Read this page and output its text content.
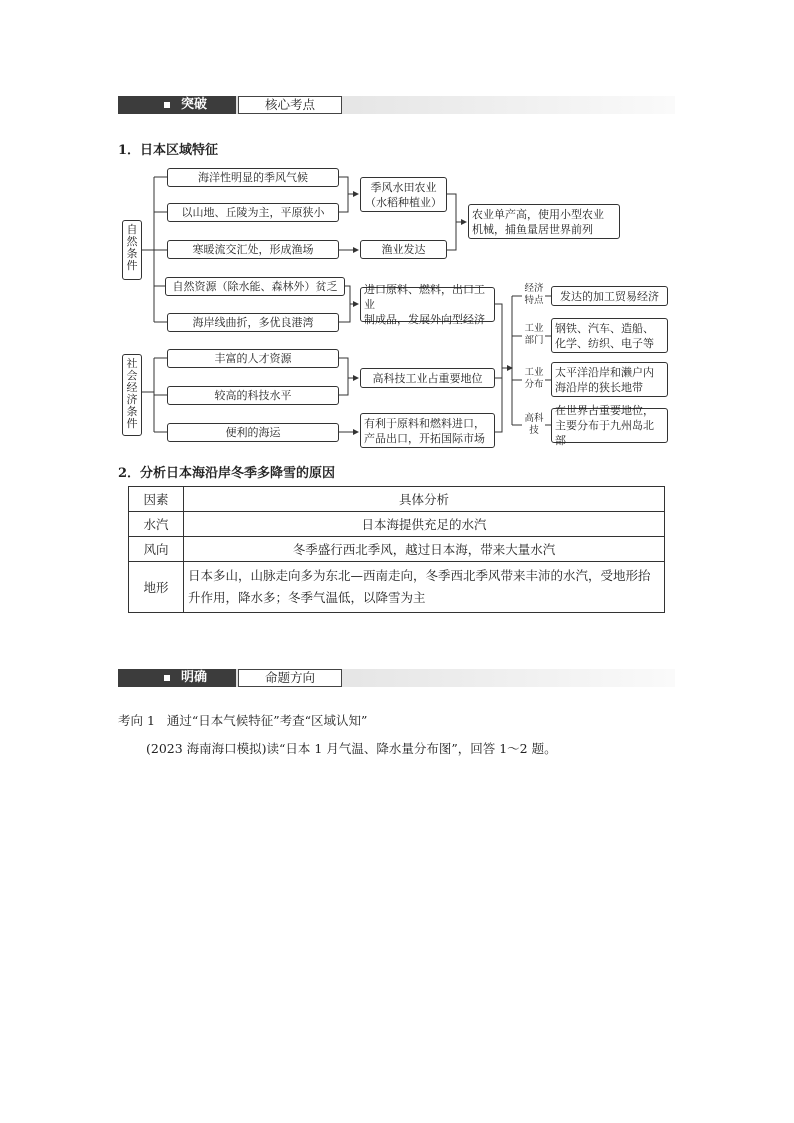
突破	核心考点
1．日本区域特征
自
然
条
件
社
会
经
济
条
件
海洋性明显的季风气候
以山地、丘陵为主，平原狭小
寒暖流交汇处，形成渔场
自然资源（除水能、森林外）贫乏
海岸线曲折，多优良港湾
丰富的人才资源
较高的科技水平
便利的海运
季风水田农业
（水稻种植业）
渔业发达
进口原料、燃料，出口工业
制成品，发展外向型经济
高科技工业占重要地位
有利于原料和燃料进口，
产品出口，开拓国际市场
农业单产高，使用小型农业
机械，捕鱼量居世界前列
经济
特点
工业
部门
工业
分布
高科
技
发达的加工贸易经济
钢铁、汽车、造船、化学、纺织、电子等
太平洋沿岸和濑户内海沿岸的狭长地带
在世界占重要地位，主要分布于九州岛北部
2．分析日本海沿岸冬季多降雪的原因
因素	具体分析
水汽	日本海提供充足的水汽
风向	冬季盛行西北季风，越过日本海，带来大量水汽
地形	日本多山，山脉走向多为东北—西南走向，冬季西北季风带来丰沛的水汽，受地形抬升作用，降水多；冬季气温低，以降雪为主
明确	命题方向
考向 1 通过“日本气候特征”考查“区域认知”
(2023 海南海口模拟)读“日本 1 月气温、降水量分布图”，回答 1～2 题。
